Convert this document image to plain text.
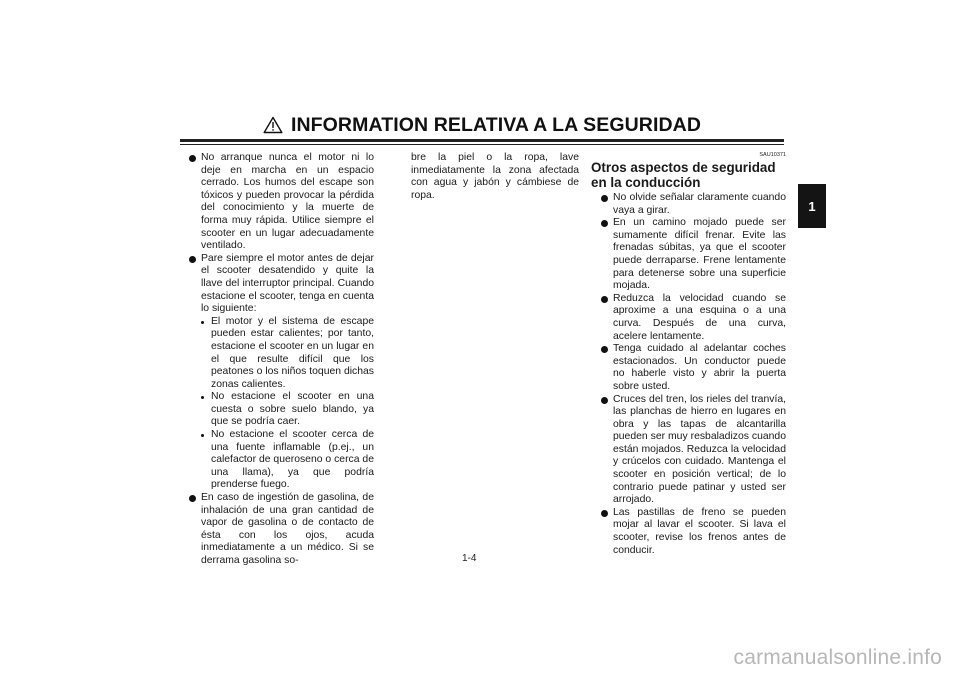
INFORMATION RELATIVA A LA SEGURIDAD
1
No arranque nunca el motor ni lo deje en marcha en un espacio cerrado. Los humos del escape son tóxicos y pueden provocar la pérdida del conocimiento y la muerte de forma muy rápida. Utilice siempre el scooter en un lugar adecuadamente ventilado.
Pare siempre el motor antes de dejar el scooter desatendido y quite la llave del interruptor principal. Cuando estacione el scooter, tenga en cuenta lo siguiente:
El motor y el sistema de escape pueden estar calientes; por tanto, estacione el scooter en un lugar en el que resulte difícil que los peatones o los niños toquen dichas zonas calientes.
No estacione el scooter en una cuesta o sobre suelo blando, ya que se podría caer.
No estacione el scooter cerca de una fuente inflamable (p.ej., un calefactor de queroseno o cerca de una llama), ya que podría prenderse fuego.
En caso de ingestión de gasolina, de inhalación de una gran cantidad de vapor de gasolina o de contacto de ésta con los ojos, acuda inmediatamente a un médico. Si se derrama gasolina so-

bre la piel o la ropa, lave inmediatamente la zona afectada con agua y jabón y cámbiese de ropa.

SAU10371
Otros aspectos de seguridad en la conducción
No olvide señalar claramente cuando vaya a girar.
En un camino mojado puede ser sumamente difícil frenar. Evite las frenadas súbitas, ya que el scooter puede derraparse. Frene lentamente para detenerse sobre una superficie mojada.
Reduzca la velocidad cuando se aproxime a una esquina o a una curva. Después de una curva, acelere lentamente.
Tenga cuidado al adelantar coches estacionados. Un conductor puede no haberle visto y abrir la puerta sobre usted.
Cruces del tren, los rieles del tranvía, las planchas de hierro en lugares en obra y las tapas de alcantarilla pueden ser muy resbaladizos cuando están mojados. Reduzca la velocidad y crúcelos con cuidado. Mantenga el scooter en posición vertical; de lo contrario puede patinar y usted ser arrojado.
Las pastillas de freno se pueden mojar al lavar el scooter. Si lava el scooter, revise los frenos antes de conducir.
1-4
carmanualsonline.info
